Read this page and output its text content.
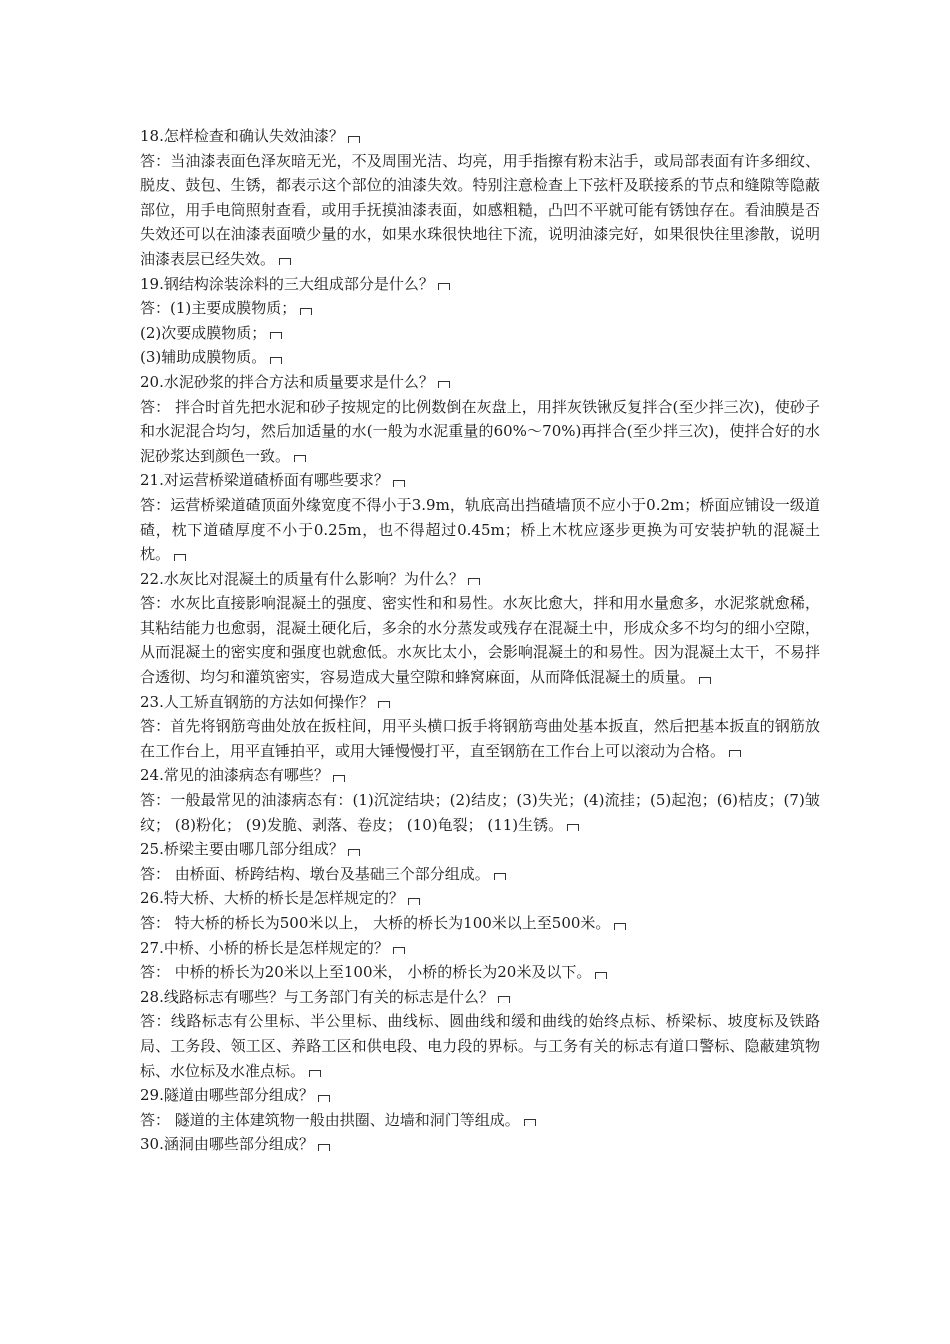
18.怎样检查和确认失效油漆？
答：当油漆表面色泽灰暗无光，不及周围光洁、均亮，用手指擦有粉末沾手，或局部表面有许多细纹、脱皮、鼓包、生锈，都表示这个部位的油漆失效。特别注意检查上下弦杆及联接系的节点和缝隙等隐蔽部位，用手电筒照射查看，或用手抚摸油漆表面，如感粗糙，凸凹不平就可能有锈蚀存在。看油膜是否失效还可以在油漆表面喷少量的水，如果水珠很快地往下流，说明油漆完好，如果很快往里渗散，说明油漆表层已经失效。
19.钢结构涂装涂料的三大组成部分是什么？
答：(1)主要成膜物质；
(2)次要成膜物质；
(3)辅助成膜物质。
20.水泥砂浆的拌合方法和质量要求是什么？
答： 拌合时首先把水泥和砂子按规定的比例数倒在灰盘上，用拌灰铁锹反复拌合(至少拌三次)，使砂子和水泥混合均匀，然后加适量的水(一般为水泥重量的60%～70%)再拌合(至少拌三次)，使拌合好的水泥砂浆达到颜色一致。
21.对运营桥梁道碴桥面有哪些要求？
答：运营桥梁道碴顶面外缘宽度不得小于3.9m，轨底高出挡碴墙顶不应小于0.2m；桥面应铺设一级道碴，枕下道碴厚度不小于0.25m，也不得超过0.45m；桥上木枕应逐步更换为可安装护轨的混凝土枕。
22.水灰比对混凝土的质量有什么影响？为什么？
答：水灰比直接影响混凝土的强度、密实性和和易性。水灰比愈大，拌和用水量愈多，水泥浆就愈稀，其粘结能力也愈弱，混凝土硬化后，多余的水分蒸发或残存在混凝土中，形成众多不均匀的细小空隙，从而混凝土的密实度和强度也就愈低。水灰比太小，会影响混凝土的和易性。因为混凝土太干，不易拌合透彻、均匀和灌筑密实，容易造成大量空隙和蜂窝麻面，从而降低混凝土的质量。
23.人工矫直钢筋的方法如何操作？
答：首先将钢筋弯曲处放在扳柱间，用平头横口扳手将钢筋弯曲处基本扳直，然后把基本扳直的钢筋放在工作台上，用平直锤拍平，或用大锤慢慢打平，直至钢筋在工作台上可以滚动为合格。
24.常见的油漆病态有哪些？
答：一般最常见的油漆病态有：(1)沉淀结块；(2)结皮；(3)失光；(4)流挂；(5)起泡；(6)桔皮；(7)皱纹； (8)粉化； (9)发脆、剥落、卷皮； (10)龟裂； (11)生锈。
25.桥梁主要由哪几部分组成？
答： 由桥面、桥跨结构、墩台及基础三个部分组成。
26.特大桥、大桥的桥长是怎样规定的？
答： 特大桥的桥长为500米以上， 大桥的桥长为100米以上至500米。
27.中桥、小桥的桥长是怎样规定的？
答： 中桥的桥长为20米以上至100米， 小桥的桥长为20米及以下。
28.线路标志有哪些？与工务部门有关的标志是什么？
答：线路标志有公里标、半公里标、曲线标、圆曲线和缓和曲线的始终点标、桥梁标、坡度标及铁路局、工务段、领工区、养路工区和供电段、电力段的界标。与工务有关的标志有道口警标、隐蔽建筑物标、水位标及水准点标。
29.隧道由哪些部分组成？
答： 隧道的主体建筑物一般由拱圈、边墙和洞门等组成。
30.涵洞由哪些部分组成？
